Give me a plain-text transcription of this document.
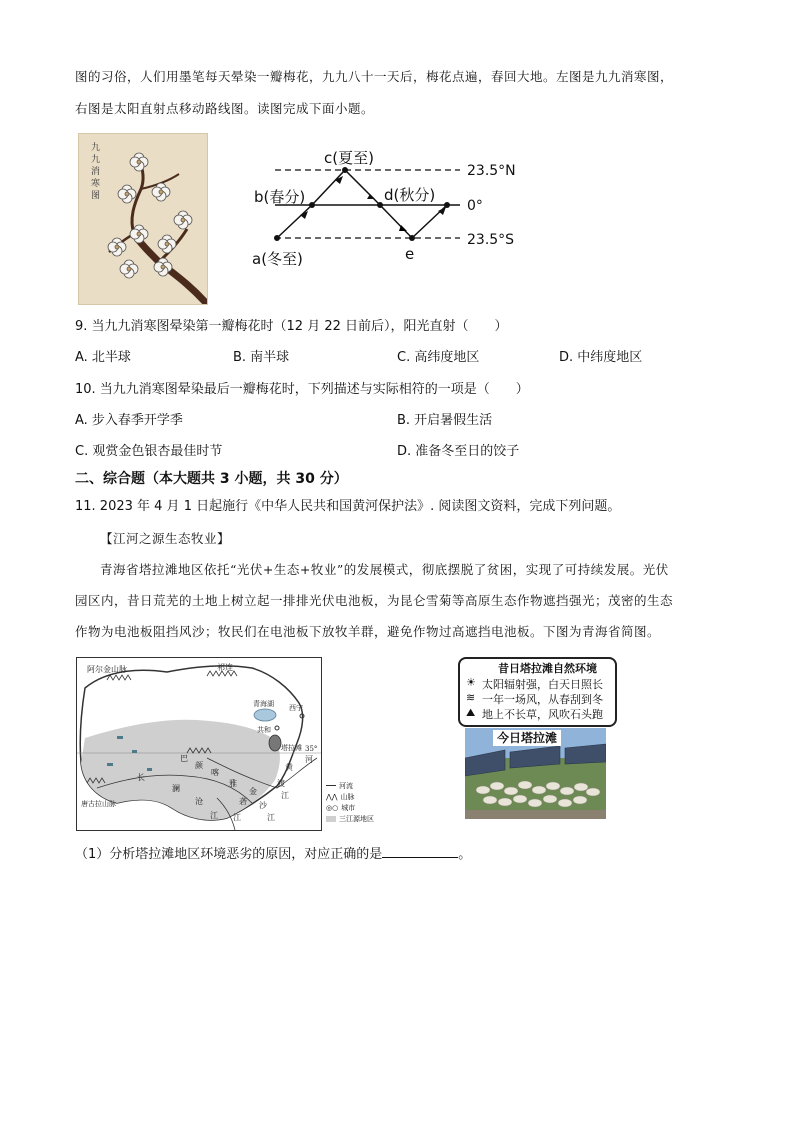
图的习俗，人们用墨笔每天晕染一瓣梅花，九九八十一天后，梅花点遍，春回大地。左图是九九消寒图，
右图是太阳直射点移动路线图。读图完成下面小题。
九
九
消
寒
图
c(夏至)
b(春分)	d(秋分)
a(冬至)	e
23.5°N
0°
23.5°S
9. 当九九消寒图晕染第一瓣梅花时（12 月 22 日前后），阳光直射（　　）
A. 北半球	B. 南半球	C. 高纬度地区	D. 中纬度地区
10. 当九九消寒图晕染最后一瓣梅花时，下列描述与实际相符的一项是（　　）
A. 步入春季开学季	B. 开启暑假生活
C. 观赏金色银杏最佳时节	D. 准备冬至日的饺子
二、综合题（本大题共 3 小题，共 30 分）
11. 2023 年 4 月 1 日起施行《中华人民共和国黄河保护法》. 阅读图文资料，完成下列问题。
【江河之源生态牧业】
青海省塔拉滩地区依托“光伏+生态+牧业”的发展模式，彻底摆脱了贫困，实现了可持续发展。光伏
园区内，昔日荒芜的土地上树立起一排排光伏电池板，为昆仑雪菊等高原生态作物遮挡强光；茂密的生态
作物为电池板阻挡风沙；牧民们在电池板下放牧羊群，避免作物过高遮挡电池板。下图为青海省简图。
阿尔金山脉	祁连
青海湖
共和
西宁
塔拉滩 35°
唐古拉山脉
巴
颜
喀
长
澜
沧
江
黄
河
雅
砻
金
沙
江	江
渡
江
河流
⋀⋀ 山脉
◎○ 城市
三江源地区
昔日塔拉滩自然环境
☀
≋
⛰
太阳辐射强，白天日照长
一年一场风，从春刮到冬
地上不长草，风吹石头跑
今日塔拉滩
（1）分析塔拉滩地区环境恶劣的原因，对应正确的是	。
